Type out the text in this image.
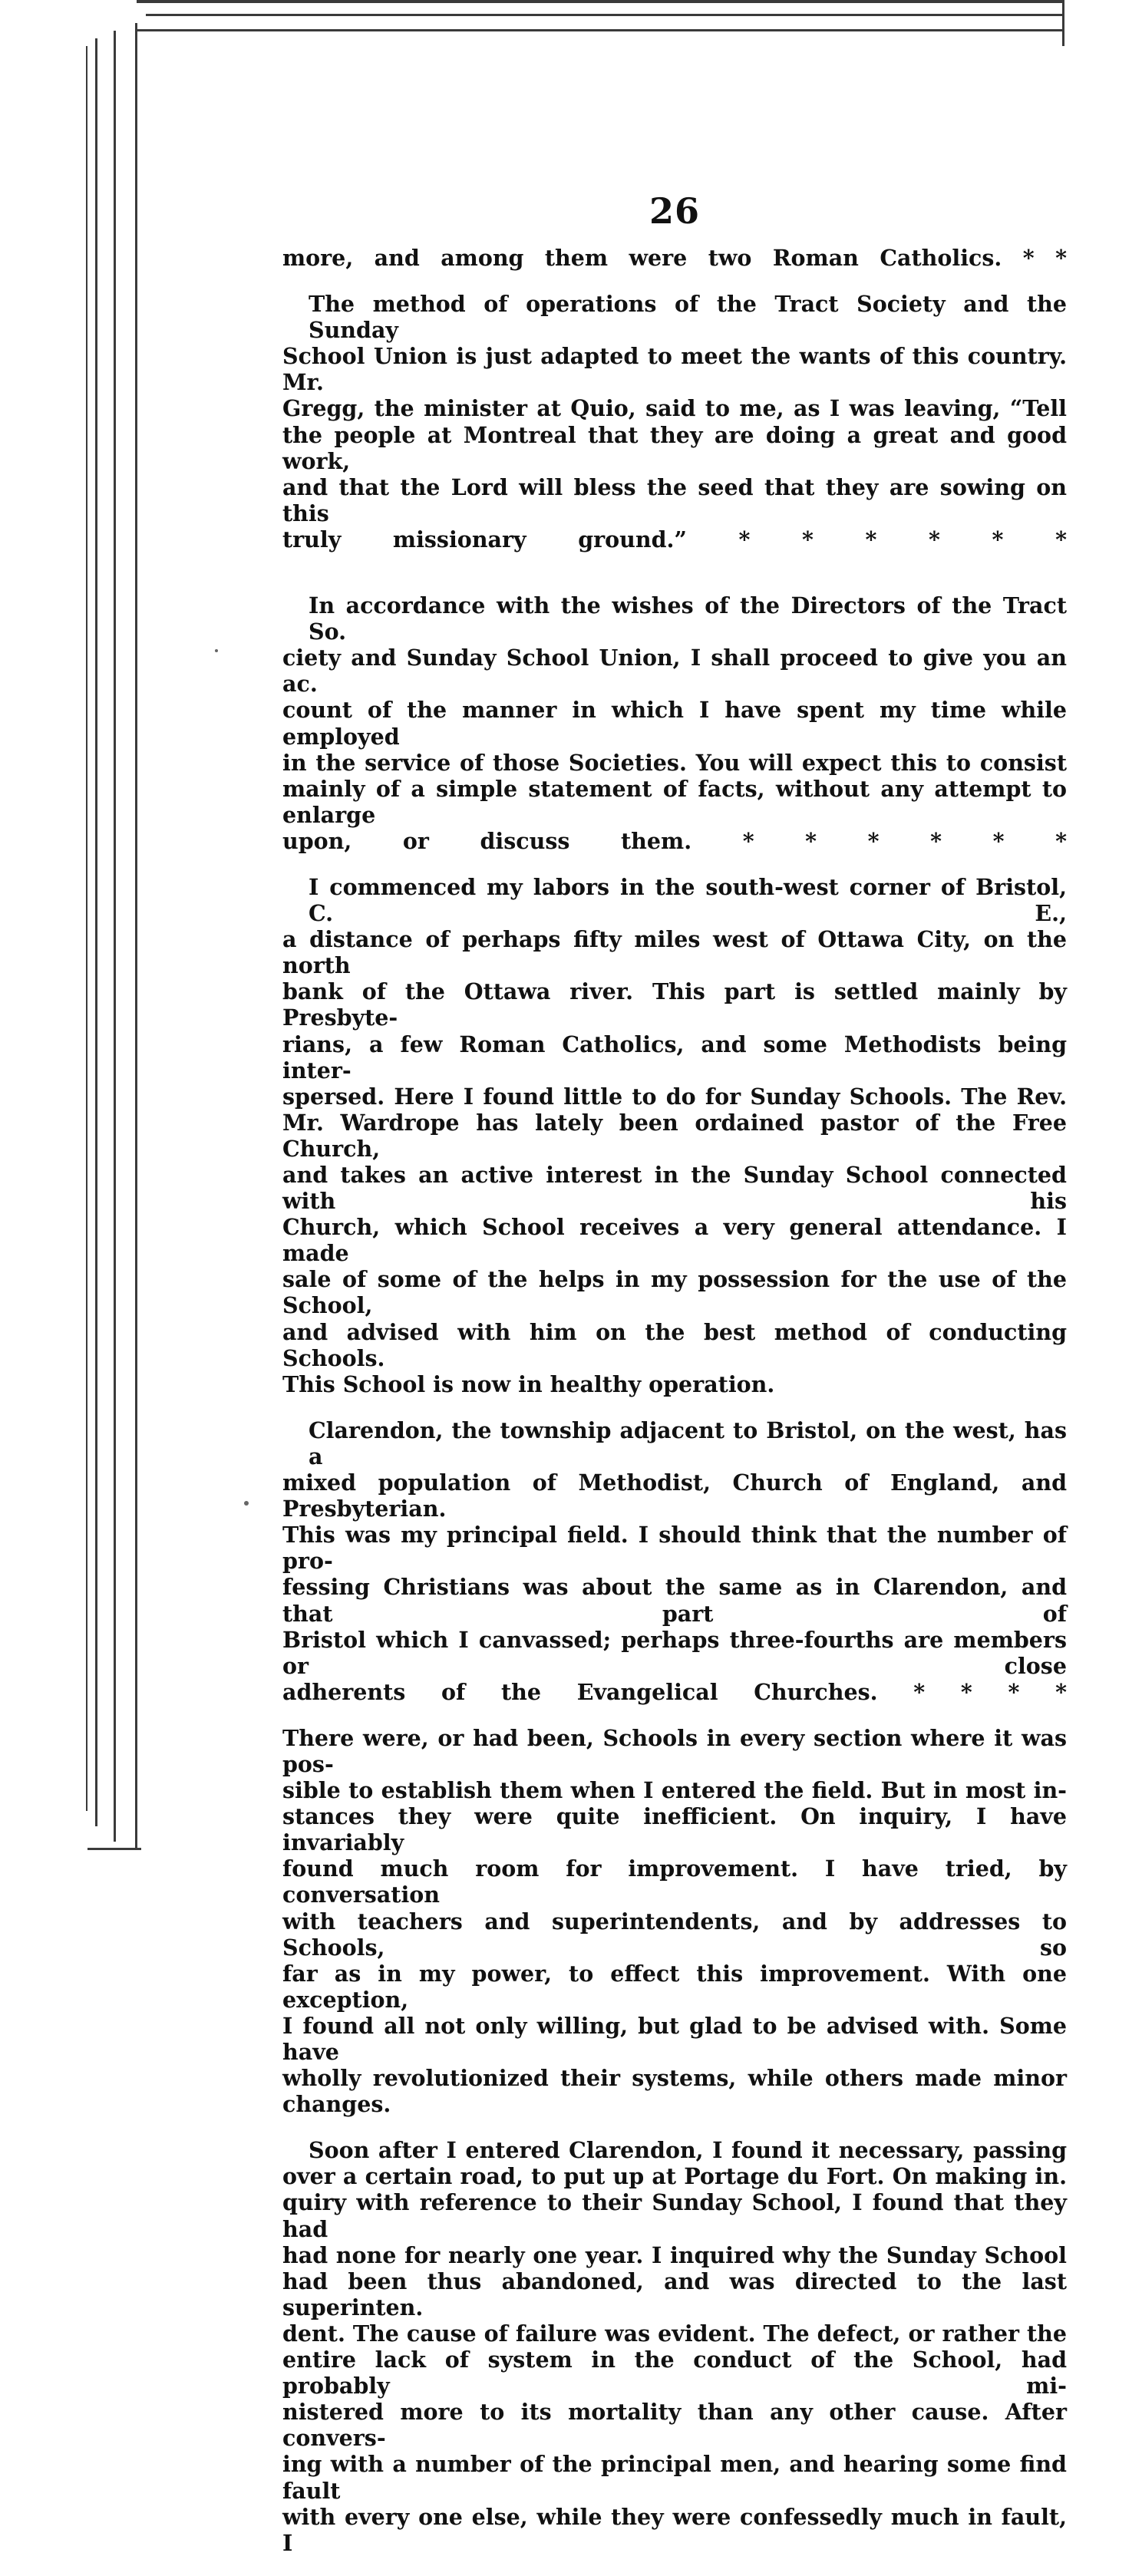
26
more, and among them were two Roman Catholics. * *
The method of operations of the Tract Society and the Sunday
School Union is just adapted to meet the wants of this country. Mr.
Gregg, the minister at Quio, said to me, as I was leaving, “Tell
the people at Montreal that they are doing a great and good work,
and that the Lord will bless the seed that they are sowing on this
truly missionary ground.” * * * * * *
In accordance with the wishes of the Directors of the Tract So.
ciety and Sunday School Union, I shall proceed to give you an ac.
count of the manner in which I have spent my time while employed
in the service of those Societies. You will expect this to consist
mainly of a simple statement of facts, without any attempt to enlarge
upon, or discuss them. * * * * * *
I commenced my labors in the south-west corner of Bristol, C. E.,
a distance of perhaps fifty miles west of Ottawa City, on the north
bank of the Ottawa river. This part is settled mainly by Presbyte-
rians, a few Roman Catholics, and some Methodists being inter-
spersed. Here I found little to do for Sunday Schools. The Rev.
Mr. Wardrope has lately been ordained pastor of the Free Church,
and takes an active interest in the Sunday School connected with his
Church, which School receives a very general attendance. I made
sale of some of the helps in my possession for the use of the School,
and advised with him on the best method of conducting Schools.
This School is now in healthy operation.
Clarendon, the township adjacent to Bristol, on the west, has a
mixed population of Methodist, Church of England, and Presbyterian.
This was my principal field. I should think that the number of pro-
fessing Christians was about the same as in Clarendon, and that part of
Bristol which I canvassed; perhaps three-fourths are members or close
adherents of the Evangelical Churches. * * * *
There were, or had been, Schools in every section where it was pos-
sible to establish them when I entered the field. But in most in-
stances they were quite inefficient. On inquiry, I have invariably
found much room for improvement. I have tried, by conversation
with teachers and superintendents, and by addresses to Schools, so
far as in my power, to effect this improvement. With one exception,
I found all not only willing, but glad to be advised with. Some have
wholly revolutionized their systems, while others made minor
changes.
Soon after I entered Clarendon, I found it necessary, passing
over a certain road, to put up at Portage du Fort. On making in.
quiry with reference to their Sunday School, I found that they had
had none for nearly one year. I inquired why the Sunday School
had been thus abandoned, and was directed to the last superinten.
dent. The cause of failure was evident. The defect, or rather the
entire lack of system in the conduct of the School, had probably mi-
nistered more to its mortality than any other cause. After convers-
ing with a number of the principal men, and hearing some find fault
with every one else, while they were confessedly much in fault, I
